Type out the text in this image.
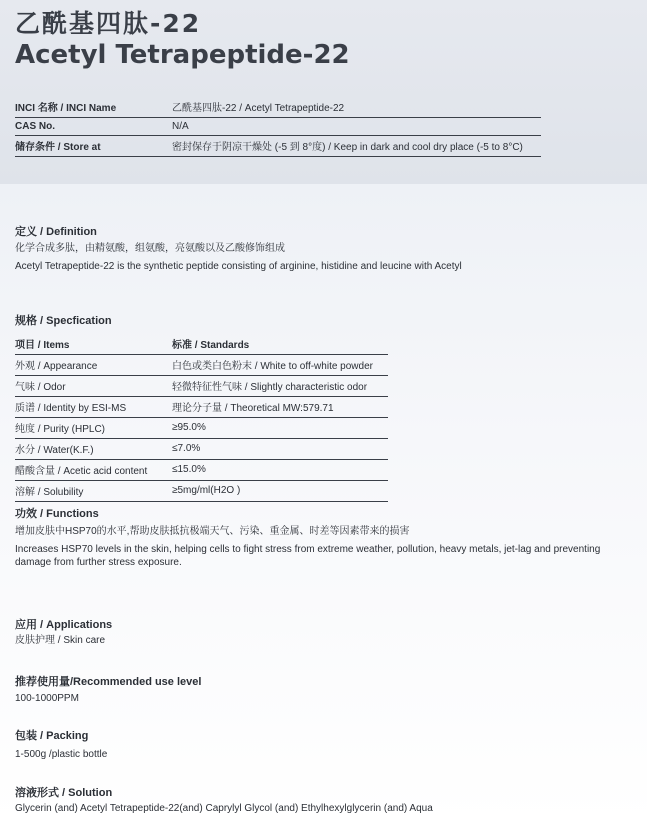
乙酰基四肽-22
Acetyl Tetrapeptide-22
INCI 名称 / INCI Name	乙酰基四肽-22 / Acetyl Tetrapeptide-22
CAS No.	N/A
储存条件 / Store at	密封保存于阴凉干燥处 (-5 到 8°度) / Keep in dark and cool dry place (-5 to 8°C)
定义 / Definition

化学合成多肽，由精氨酸，组氨酸，亮氨酸以及乙酸修饰组成

Acetyl Tetrapeptide-22 is the synthetic peptide consisting of arginine, histidine and leucine with Acetyl

规格 / Specfication
项目 / Items	标准 / Standards
外观 / Appearance	白色或类白色粉末 / White to off-white powder
气味 / Odor	轻微特征性气味 / Slightly characteristic odor
质谱 / Identity by ESI-MS	理论分子量 / Theoretical MW:579.71
纯度 / Purity (HPLC)	≥95.0%
水分 / Water(K.F.)	≤7.0%
醋酸含量 / Acetic acid content	≤15.0%
溶解 / Solubility	≥5mg/ml(H2O )
功效 / Functions

增加皮肤中HSP70的水平,帮助皮肤抵抗极端天气、污染、重金属、时差等因素带来的损害

Increases HSP70 levels in the skin, helping cells to fight stress from extreme weather, pollution, heavy metals, jet-lag and preventing

damage from further stress exposure.

应用 / Applications

皮肤护理 / Skin care

推荐使用量/Recommended use level

100-1000PPM

包装 / Packing

1-500g /plastic bottle

溶液形式 / Solution

Glycerin (and) Acetyl Tetrapeptide-22(and) Caprylyl Glycol (and) Ethylhexylglycerin (and) Aqua
